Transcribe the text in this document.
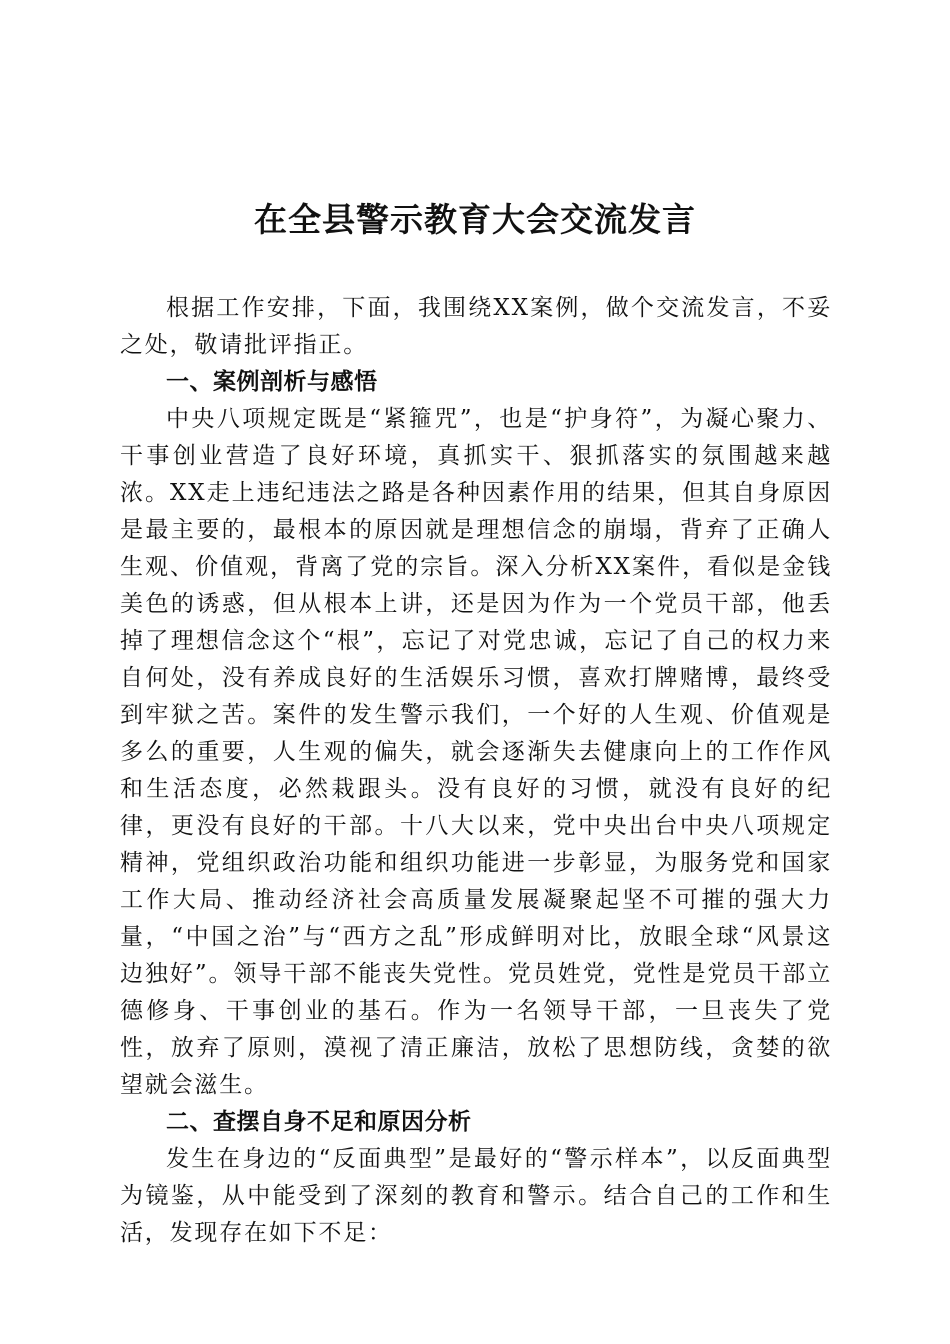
在全县警示教育大会交流发言

根据工作安排，下面，我围绕XX案例，做个交流发言，不妥之处，敬请批评指正。

一、案例剖析与感悟

中央八项规定既是“紧箍咒”，也是“护身符”，为凝心聚力、干事创业营造了良好环境，真抓实干、狠抓落实的氛围越来越浓。XX走上违纪违法之路是各种因素作用的结果，但其自身原因是最主要的，最根本的原因就是理想信念的崩塌，背弃了正确人生观、价值观，背离了党的宗旨。深入分析XX案件，看似是金钱美色的诱惑，但从根本上讲，还是因为作为一个党员干部，他丢掉了理想信念这个“根”，忘记了对党忠诚，忘记了自己的权力来自何处，没有养成良好的生活娱乐习惯，喜欢打牌赌博，最终受到牢狱之苦。案件的发生警示我们，一个好的人生观、价值观是多么的重要，人生观的偏失，就会逐渐失去健康向上的工作作风和生活态度，必然栽跟头。没有良好的习惯，就没有良好的纪律，更没有良好的干部。十八大以来，党中央出台中央八项规定精神，党组织政治功能和组织功能进一步彰显，为服务党和国家工作大局、推动经济社会高质量发展凝聚起坚不可摧的强大力量，“中国之治”与“西方之乱”形成鲜明对比，放眼全球“风景这边独好”。领导干部不能丧失党性。党员姓党，党性是党员干部立德修身、干事创业的基石。作为一名领导干部，一旦丧失了党性，放弃了原则，漠视了清正廉洁，放松了思想防线，贪婪的欲望就会滋生。

二、查摆自身不足和原因分析

发生在身边的“反面典型”是最好的“警示样本”，以反面典型为镜鉴，从中能受到了深刻的教育和警示。结合自己的工作和生活，发现存在如下不足：
